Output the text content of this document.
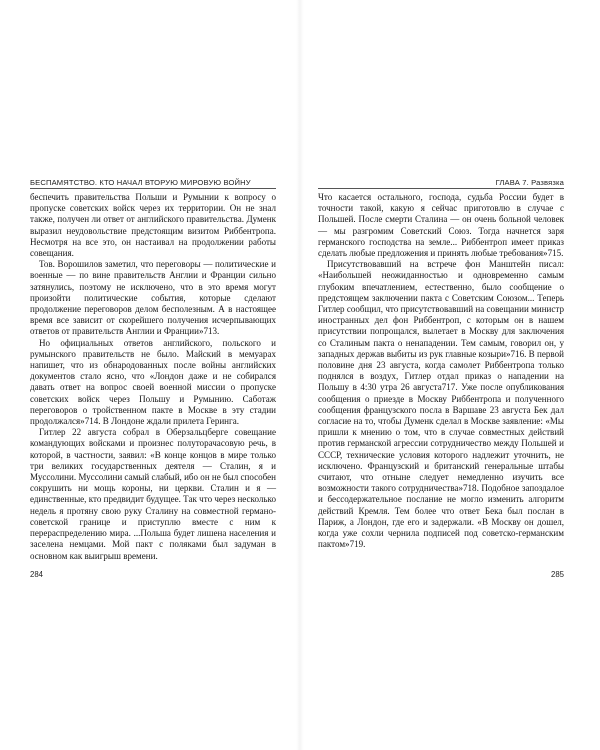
БЕСПАМЯТСТВО. КТО НАЧАЛ ВТОРУЮ МИРОВУЮ ВОЙНУ

беспечить правительства Польши и Румынии к вопросу о пропуске советских войск через их территории. Он не знал также, получен ли ответ от английского правительства. Думенк выразил неудовольствие предстоящим визитом Риббентропа. Несмотря на все это, он настаивал на продолжении работы совещания.

Тов. Ворошилов заметил, что переговоры — политические и военные — по вине правительств Англии и Франции сильно затянулись, поэтому не исключено, что в это время могут произойти политические события, которые сделают продолжение переговоров делом бесполезным. А в настоящее время все зависит от скорейшего получения исчерпывающих ответов от правительств Англии и Франции»713.

Но официальных ответов английского, польского и румынского правительств не было. Майский в мемуарах напишет, что из обнародованных после войны английских документов стало ясно, что «Лондон даже и не собирался давать ответ на вопрос своей военной миссии о пропуске советских войск через Польшу и Румынию. Саботаж переговоров о тройственном пакте в Москве в эту стадии продолжался»714. В Лондоне ждали прилета Геринга.

Гитлер 22 августа собрал в Оберзальцберге совещание командующих войсками и произнес полуторачасовую речь, в которой, в частности, заявил: «В конце концов в мире только три великих государственных деятеля — Сталин, я и Муссолини. Муссолини самый слабый, ибо он не был способен сокрушить ни мощь короны, ни церкви. Сталин и я — единственные, кто предвидит будущее. Так что через несколько недель я протяну свою руку Сталину на совместной германо-советской границе и приступлю вместе с ним к перераспределению мира. ...Польша будет лишена населения и заселена немцами. Мой пакт с поляками был задуман в основном как выигрыш времени.

ГЛАВА 7. Развязка

Что касается остального, господа, судьба России будет в точности такой, какую я сейчас приготовлю в случае с Польшей. После смерти Сталина — он очень больной человек — мы разгромим Советский Союз. Тогда начнется заря германского господства на земле... Риббентроп имеет приказ сделать любые предложения и принять любые требования»715.

Присутствовавший на встрече фон Манштейн писал: «Наибольшей неожиданностью и одновременно самым глубоким впечатлением, естественно, было сообщение о предстоящем заключении пакта с Советским Союзом... Теперь Гитлер сообщил, что присутствовавший на совещании министр иностранных дел фон Риббентроп, с которым он в нашем присутствии попрощался, вылетает в Москву для заключения со Сталиным пакта о ненападении. Тем самым, говорил он, у западных держав выбиты из рук главные козыри»716. В первой половине дня 23 августа, когда самолет Риббентропа только поднялся в воздух, Гитлер отдал приказ о нападении на Польшу в 4:30 утра 26 августа717. Уже после опубликования сообщения о приезде в Москву Риббентропа и полученного сообщения французского посла в Варшаве 23 августа Бек дал согласие на то, чтобы Думенк сделал в Москве заявление: «Мы пришли к мнению о том, что в случае совместных действий против германской агрессии сотрудничество между Польшей и СССР, технические условия которого надлежит уточнить, не исключено. Французский и британский генеральные штабы считают, что отныне следует немедленно изучить все возможности такого сотрудничества»718. Подобное запоздалое и бессодержательное послание не могло изменить алгоритм действий Кремля. Тем более что ответ Бека был послан в Париж, а Лондон, где его и задержали. «В Москву он дошел, когда уже сохли чернила подписей под советско-германским пактом»719.

284	285
